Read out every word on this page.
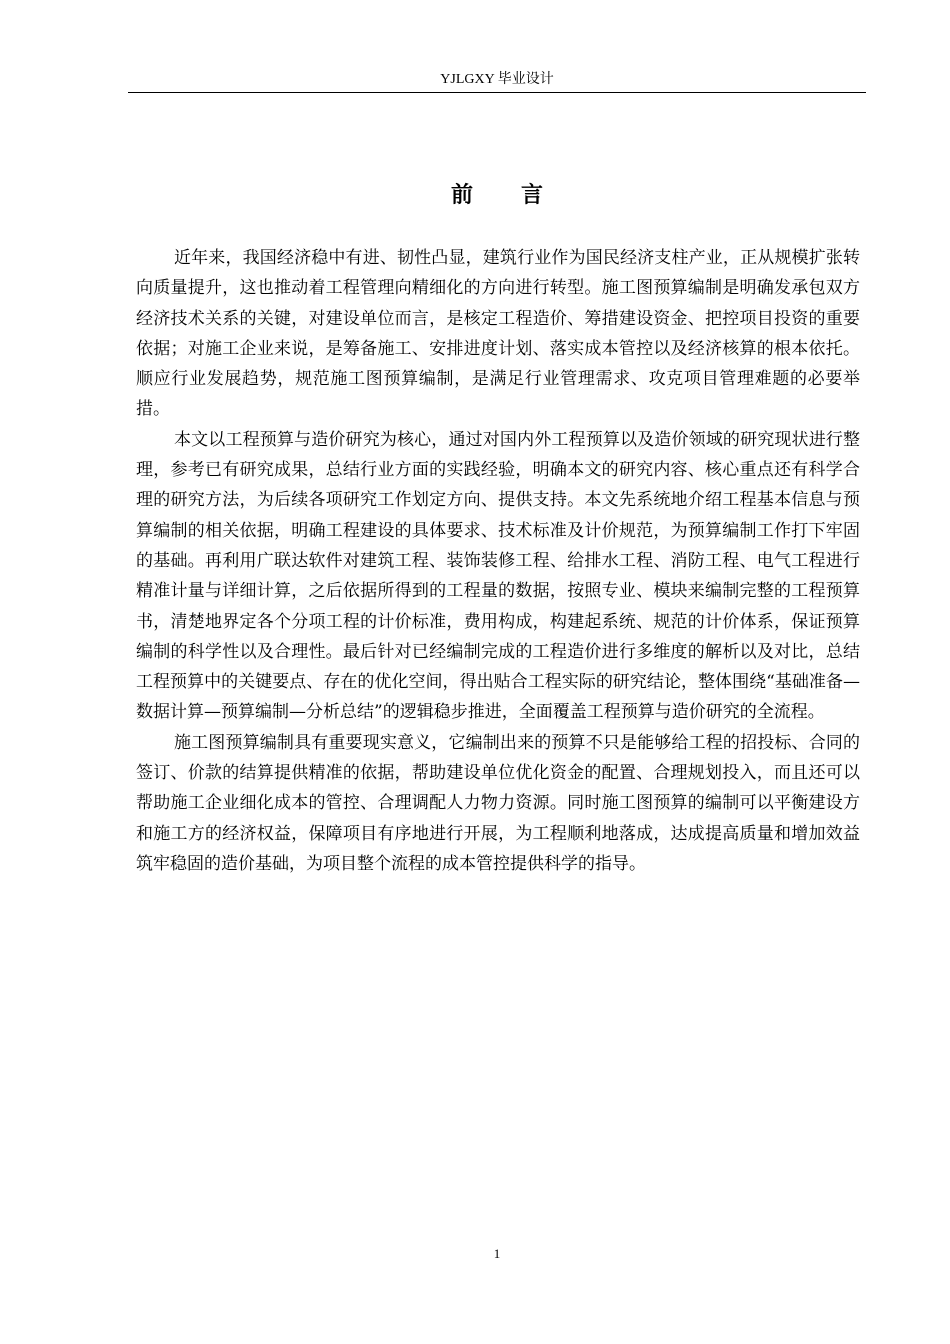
YJLGXY 毕业设计
前言

近年来，我国经济稳中有进、韧性凸显，建筑行业作为国民经济支柱产业，正从规模扩张转向质量提升，这也推动着工程管理向精细化的方向进行转型。施工图预算编制是明确发承包双方经济技术关系的关键，对建设单位而言，是核定工程造价、筹措建设资金、把控项目投资的重要依据；对施工企业来说，是筹备施工、安排进度计划、落实成本管控以及经济核算的根本依托。顺应行业发展趋势，规范施工图预算编制，是满足行业管理需求、攻克项目管理难题的必要举措。

本文以工程预算与造价研究为核心，通过对国内外工程预算以及造价领域的研究现状进行整理，参考已有研究成果，总结行业方面的实践经验，明确本文的研究内容、核心重点还有科学合理的研究方法，为后续各项研究工作划定方向、提供支持。本文先系统地介绍工程基本信息与预算编制的相关依据，明确工程建设的具体要求、技术标准及计价规范，为预算编制工作打下牢固的基础。再利用广联达软件对建筑工程、装饰装修工程、给排水工程、消防工程、电气工程进行精准计量与详细计算，之后依据所得到的工程量的数据，按照专业、模块来编制完整的工程预算书，清楚地界定各个分项工程的计价标准，费用构成，构建起系统、规范的计价体系，保证预算编制的科学性以及合理性。最后针对已经编制完成的工程造价进行多维度的解析以及对比，总结工程预算中的关键要点、存在的优化空间，得出贴合工程实际的研究结论，整体围绕“基础准备—数据计算—预算编制—分析总结”的逻辑稳步推进，全面覆盖工程预算与造价研究的全流程。

施工图预算编制具有重要现实意义，它编制出来的预算不只是能够给工程的招投标、合同的签订、价款的结算提供精准的依据，帮助建设单位优化资金的配置、合理规划投入，而且还可以帮助施工企业细化成本的管控、合理调配人力物力资源。同时施工图预算的编制可以平衡建设方和施工方的经济权益，保障项目有序地进行开展，为工程顺利地落成，达成提高质量和增加效益筑牢稳固的造价基础，为项目整个流程的成本管控提供科学的指导。

1
